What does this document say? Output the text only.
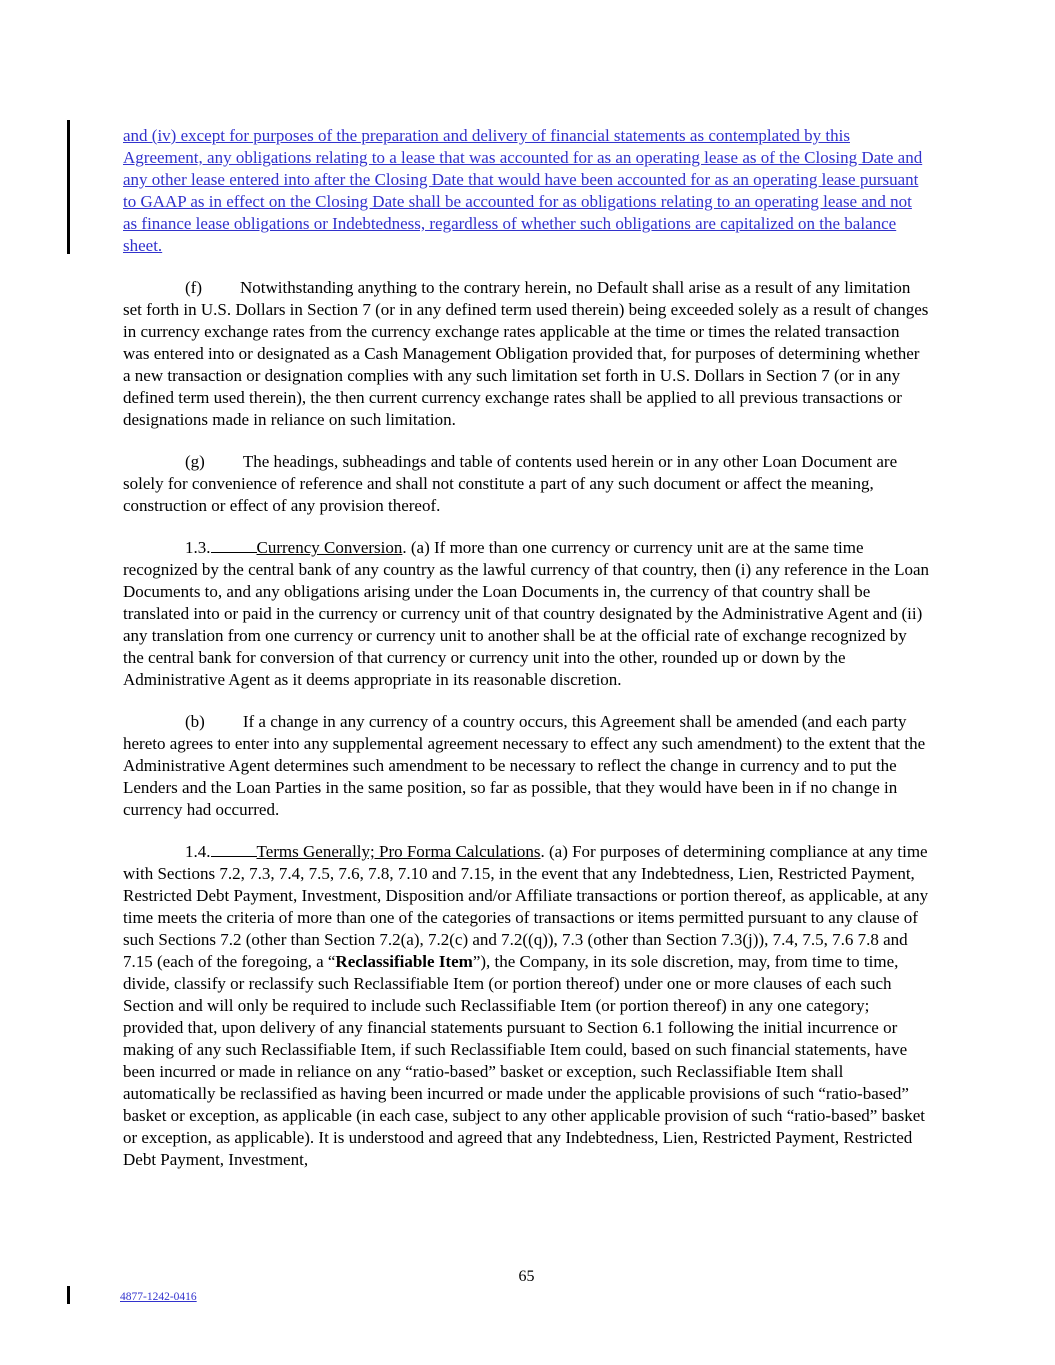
and (iv) except for purposes of the preparation and delivery of financial statements as contemplated by this Agreement, any obligations relating to a lease that was accounted for as an operating lease as of the Closing Date and any other lease entered into after the Closing Date that would have been accounted for as an operating lease pursuant to GAAP as in effect on the Closing Date shall be accounted for as obligations relating to an operating lease and not as finance lease obligations or Indebtedness, regardless of whether such obligations are capitalized on the balance sheet.

(f) Notwithstanding anything to the contrary herein, no Default shall arise as a result of any limitation set forth in U.S. Dollars in Section 7 (or in any defined term used therein) being exceeded solely as a result of changes in currency exchange rates from the currency exchange rates applicable at the time or times the related transaction was entered into or designated as a Cash Management Obligation provided that, for purposes of determining whether a new transaction or designation complies with any such limitation set forth in U.S. Dollars in Section 7 (or in any defined term used therein), the then current currency exchange rates shall be applied to all previous transactions or designations made in reliance on such limitation.

(g) The headings, subheadings and table of contents used herein or in any other Loan Document are solely for convenience of reference and shall not constitute a part of any such document or affect the meaning, construction or effect of any provision thereof.

1.3.	Currency Conversion. (a) If more than one currency or currency unit are at the same time recognized by the central bank of any country as the lawful currency of that country, then (i) any reference in the Loan Documents to, and any obligations arising under the Loan Documents in, the currency of that country shall be translated into or paid in the currency or currency unit of that country designated by the Administrative Agent and (ii) any translation from one currency or currency unit to another shall be at the official rate of exchange recognized by the central bank for conversion of that currency or currency unit into the other, rounded up or down by the Administrative Agent as it deems appropriate in its reasonable discretion.

(b) If a change in any currency of a country occurs, this Agreement shall be amended (and each party hereto agrees to enter into any supplemental agreement necessary to effect any such amendment) to the extent that the Administrative Agent determines such amendment to be necessary to reflect the change in currency and to put the Lenders and the Loan Parties in the same position, so far as possible, that they would have been in if no change in currency had occurred.

1.4.	Terms Generally; Pro Forma Calculations. (a) For purposes of determining compliance at any time with Sections 7.2, 7.3, 7.4, 7.5, 7.6, 7.8, 7.10 and 7.15, in the event that any Indebtedness, Lien, Restricted Payment, Restricted Debt Payment, Investment, Disposition and/or Affiliate transactions or portion thereof, as applicable, at any time meets the criteria of more than one of the categories of transactions or items permitted pursuant to any clause of such Sections 7.2 (other than Section 7.2(a), 7.2(c) and 7.2((q)), 7.3 (other than Section 7.3(j)), 7.4, 7.5, 7.6 7.8 and 7.15 (each of the foregoing, a “Reclassifiable Item”), the Company, in its sole discretion, may, from time to time, divide, classify or reclassify such Reclassifiable Item (or portion thereof) under one or more clauses of each such Section and will only be required to include such Reclassifiable Item (or portion thereof) in any one category; provided that, upon delivery of any financial statements pursuant to Section 6.1 following the initial incurrence or making of any such Reclassifiable Item, if such Reclassifiable Item could, based on such financial statements, have been incurred or made in reliance on any “ratio-based” basket or exception, such Reclassifiable Item shall automatically be reclassified as having been incurred or made under the applicable provisions of such “ratio-based” basket or exception, as applicable (in each case, subject to any other applicable provision of such “ratio-based” basket or exception, as applicable). It is understood and agreed that any Indebtedness, Lien, Restricted Payment, Restricted Debt Payment, Investment,

65
4877-1242-0416
